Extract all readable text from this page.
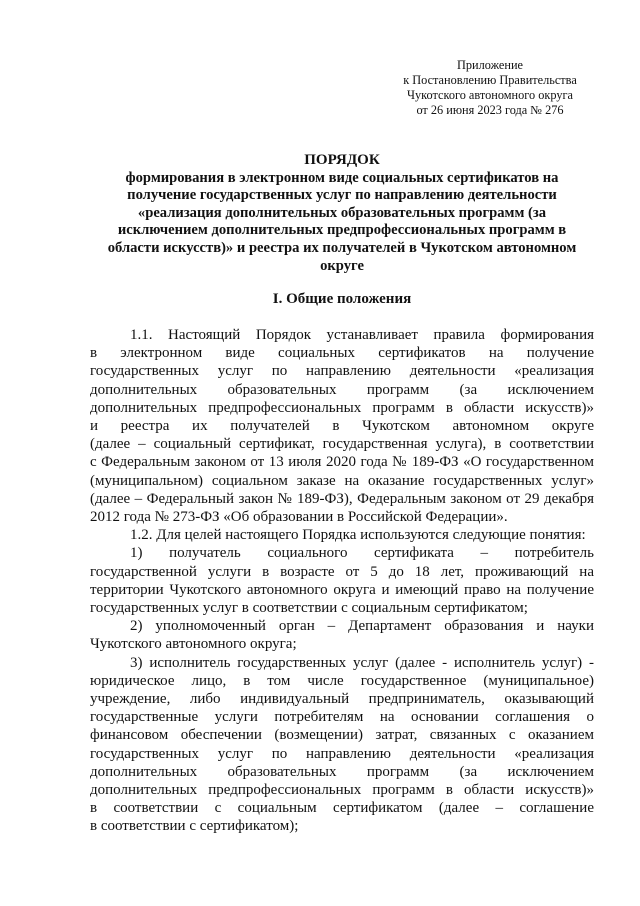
Приложение
к Постановлению Правительства
Чукотского автономного округа
от 26 июня 2023 года № 276
ПОРЯДОК
формирования в электронном виде социальных сертификатов на
получение государственных услуг по направлению деятельности
«реализация дополнительных образовательных программ (за
исключением дополнительных предпрофессиональных программ в
области искусств)» и реестра их получателей в Чукотском автономном
округе
I. Общие положения
1.1. Настоящий Порядок устанавливает правила формирования
в электронном виде социальных сертификатов на получение
государственных услуг по направлению деятельности «реализация
дополнительных образовательных программ (за исключением
дополнительных предпрофессиональных программ в области искусств)»
и реестра их получателей в Чукотском автономном округе
(далее – социальный сертификат, государственная услуга), в соответствии
с Федеральным законом от 13 июля 2020 года № 189-ФЗ «О государственном
(муниципальном) социальном заказе на оказание государственных услуг»
(далее – Федеральный закон № 189-ФЗ), Федеральным законом от 29 декабря
2012 года № 273-ФЗ «Об образовании в Российской Федерации».
1.2. Для целей настоящего Порядка используются следующие понятия:
1) получатель социального сертификата – потребитель
государственной услуги в возрасте от 5 до 18 лет, проживающий на
территории Чукотского автономного округа и имеющий право на получение
государственных услуг в соответствии с социальным сертификатом;
2) уполномоченный орган – Департамент образования и науки
Чукотского автономного округа;
3) исполнитель государственных услуг (далее - исполнитель услуг) -
юридическое лицо, в том числе государственное (муниципальное)
учреждение, либо индивидуальный предприниматель, оказывающий
государственные услуги потребителям на основании соглашения о
финансовом обеспечении (возмещении) затрат, связанных с оказанием
государственных услуг по направлению деятельности «реализация
дополнительных образовательных программ (за исключением
дополнительных предпрофессиональных программ в области искусств)»
в соответствии с социальным сертификатом (далее – соглашение
в соответствии с сертификатом);
